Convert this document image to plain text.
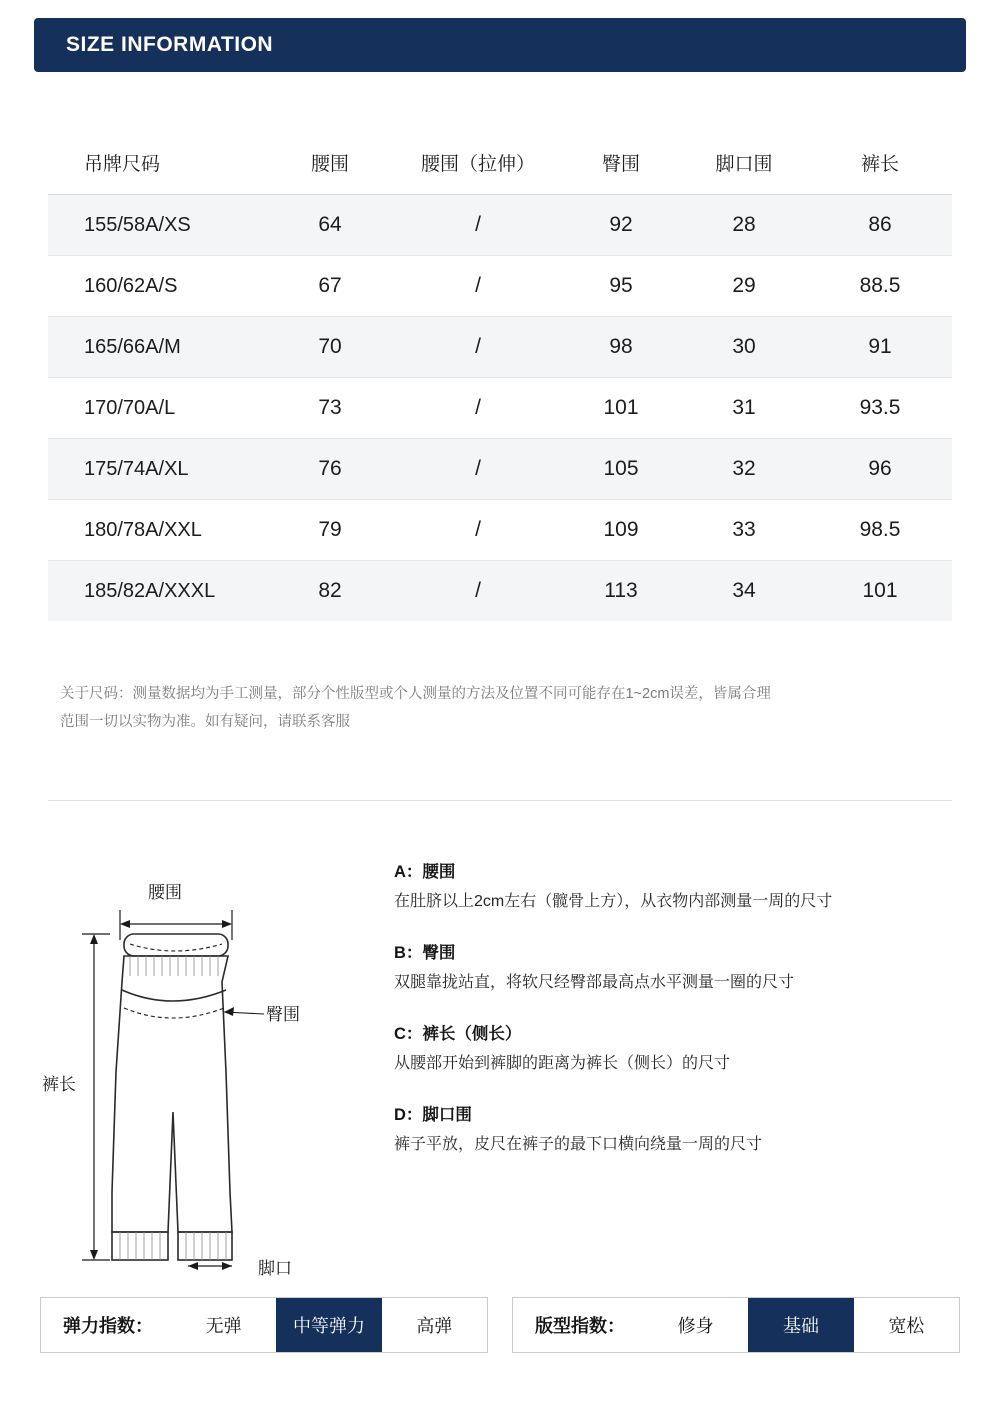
SIZE INFORMATION
吊牌尺码	腰围	腰围（拉伸）	臀围	脚口围	裤长
155/58A/XS	64	/	92	28	86
160/62A/S	67	/	95	29	88.5
165/66A/M	70	/	98	30	91
170/70A/L	73	/	101	31	93.5
175/74A/XL	76	/	105	32	96
180/78A/XXL	79	/	109	33	98.5
185/82A/XXXL	82	/	113	34	101
关于尺码：测量数据均为手工测量，部分个性版型或个人测量的方法及位置不同可能存在1~2cm误差，皆属合理
范围一切以实物为准。如有疑问，请联系客服
腰围
臀围
裤长
脚口
A：腰围
在肚脐以上2cm左右（髋骨上方），从衣物内部测量一周的尺寸
B：臀围
双腿靠拢站直，将软尺经臀部最高点水平测量一圈的尺寸
C：裤长（侧长）
从腰部开始到裤脚的距离为裤长（侧长）的尺寸
D：脚口围
裤子平放，皮尺在裤子的最下口横向绕量一周的尺寸
弹力指数：	无弹	中等弹力	高弹	版型指数：	修身	基础	宽松
